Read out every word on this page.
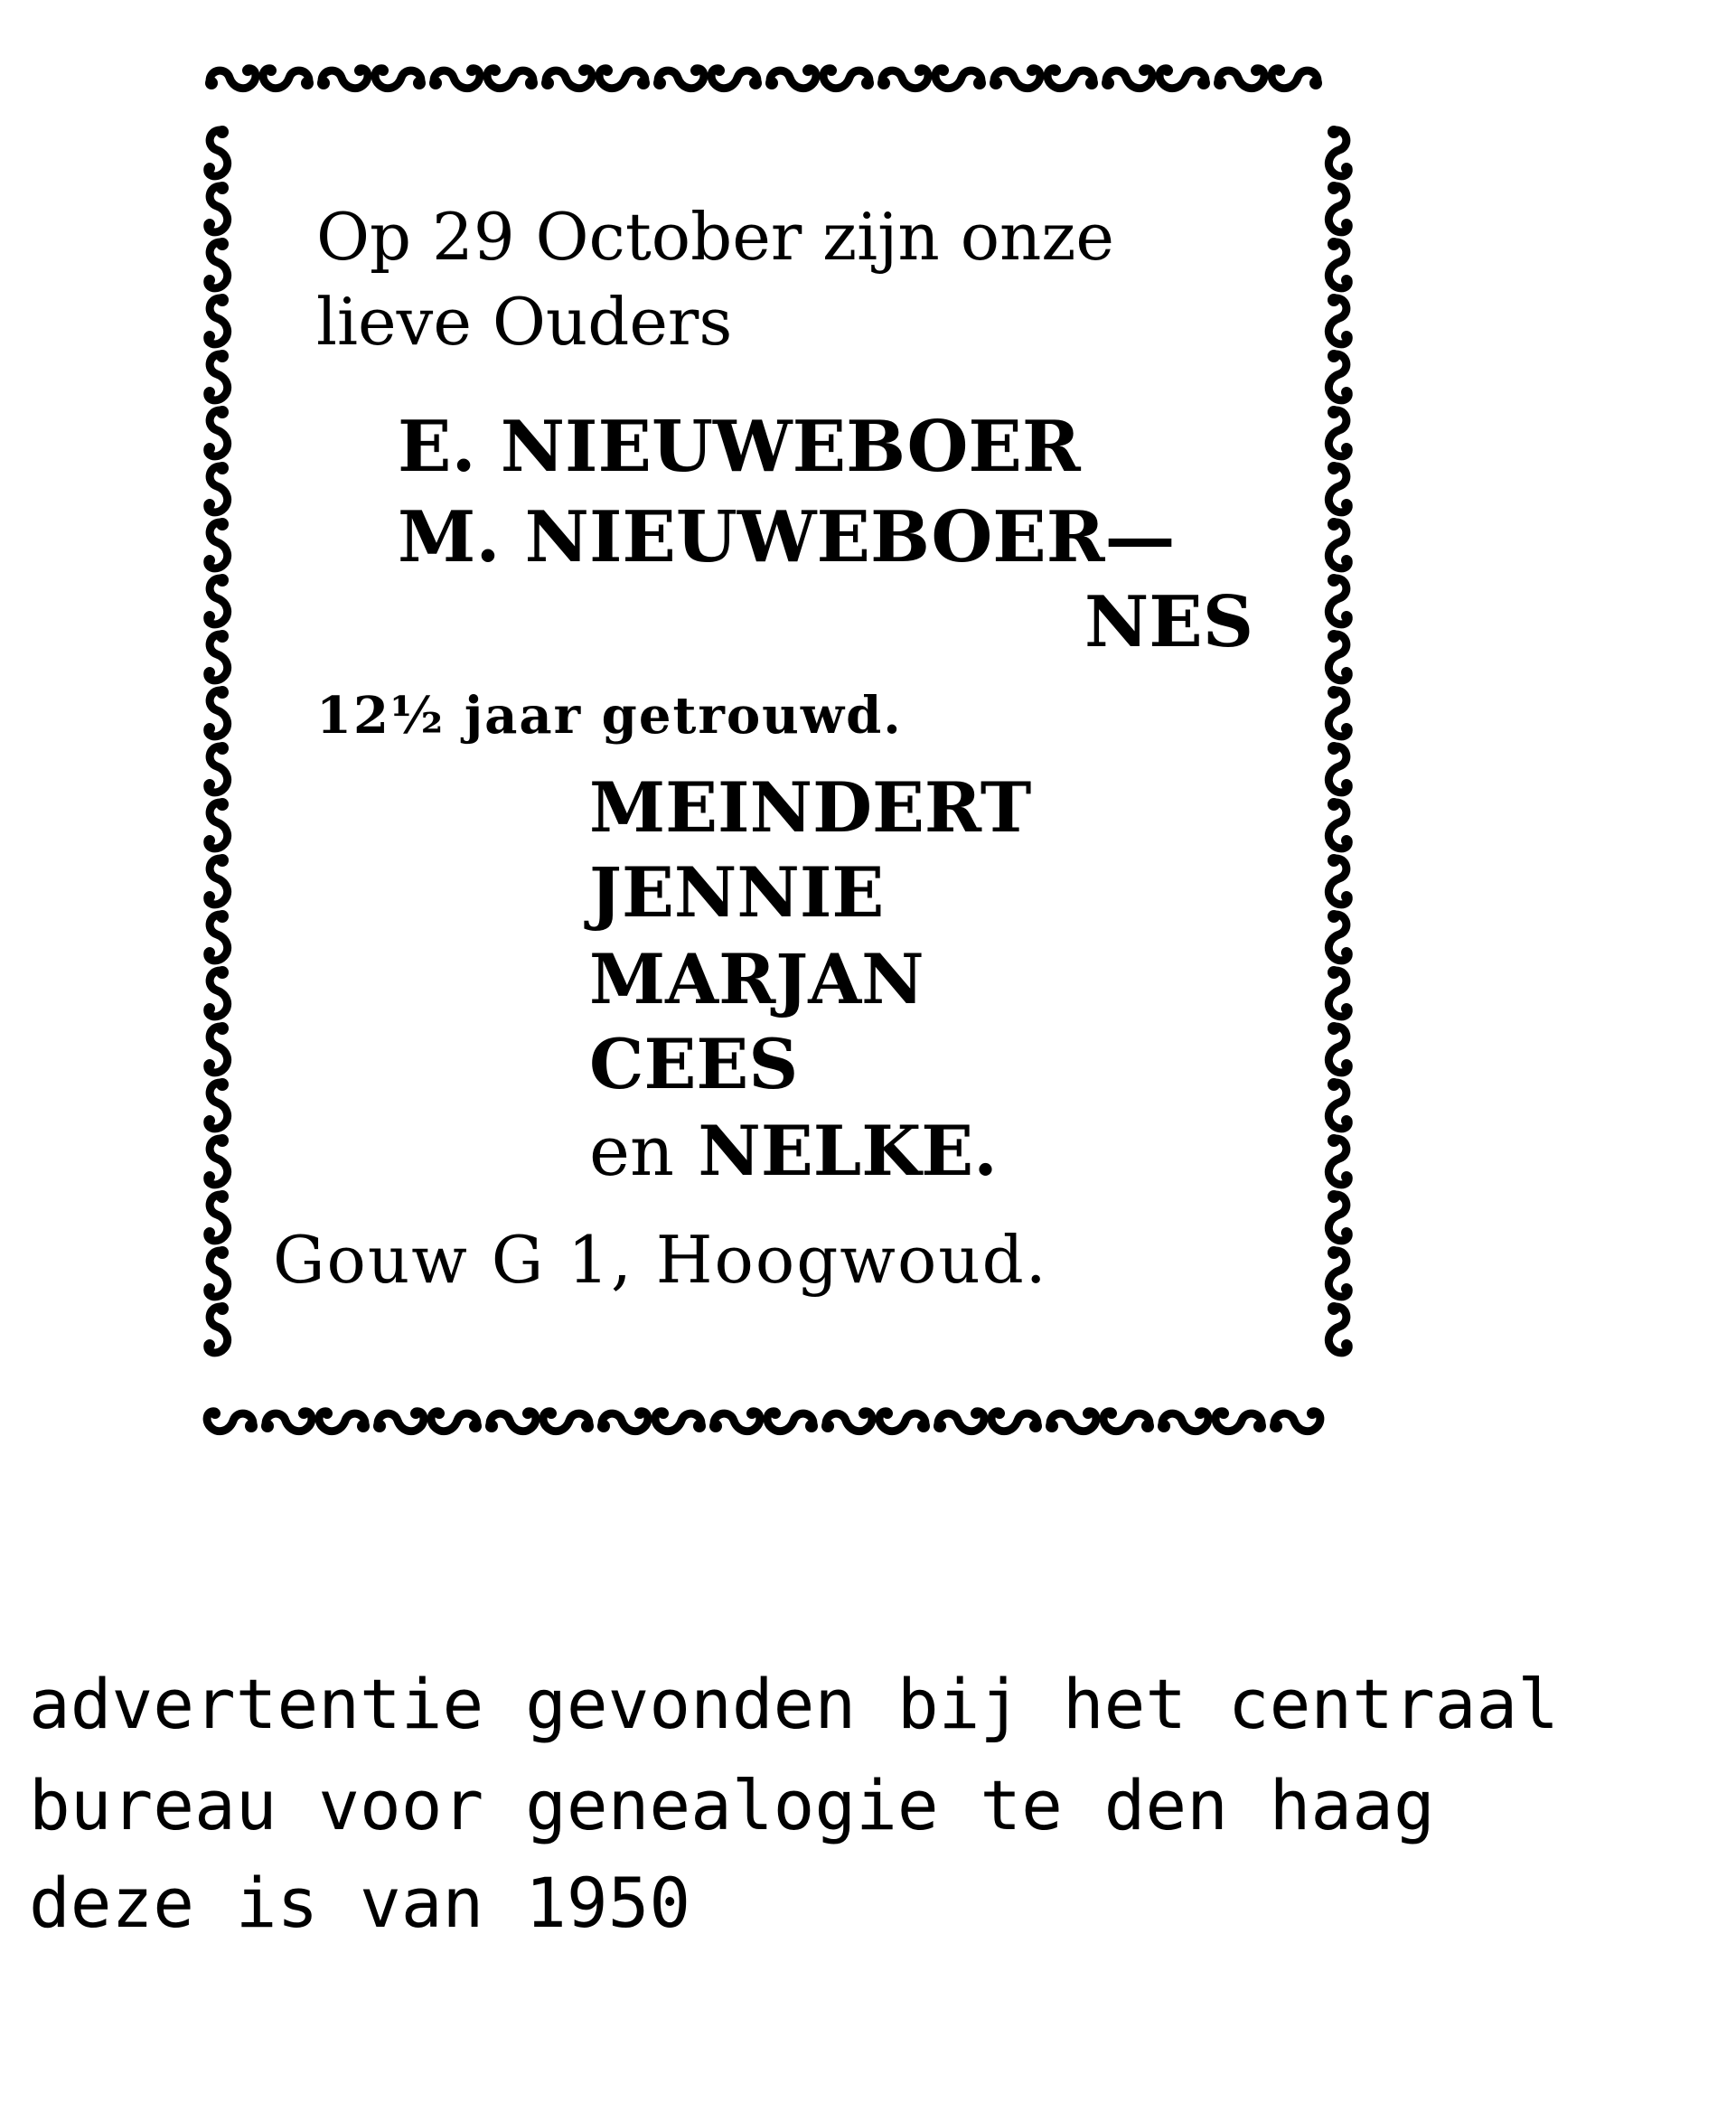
Op 29 October zijn onze

lieve Ouders

E. NIEUWEBOER

M. NIEUWEBOER—

NES

12½ jaar getrouwd.

MEINDERT

JENNIE

MARJAN

CEES

en NELKE.

Gouw G 1, Hoogwoud.

advertentie gevonden bij het centraal

bureau voor genealogie te den haag

deze is van 1950
